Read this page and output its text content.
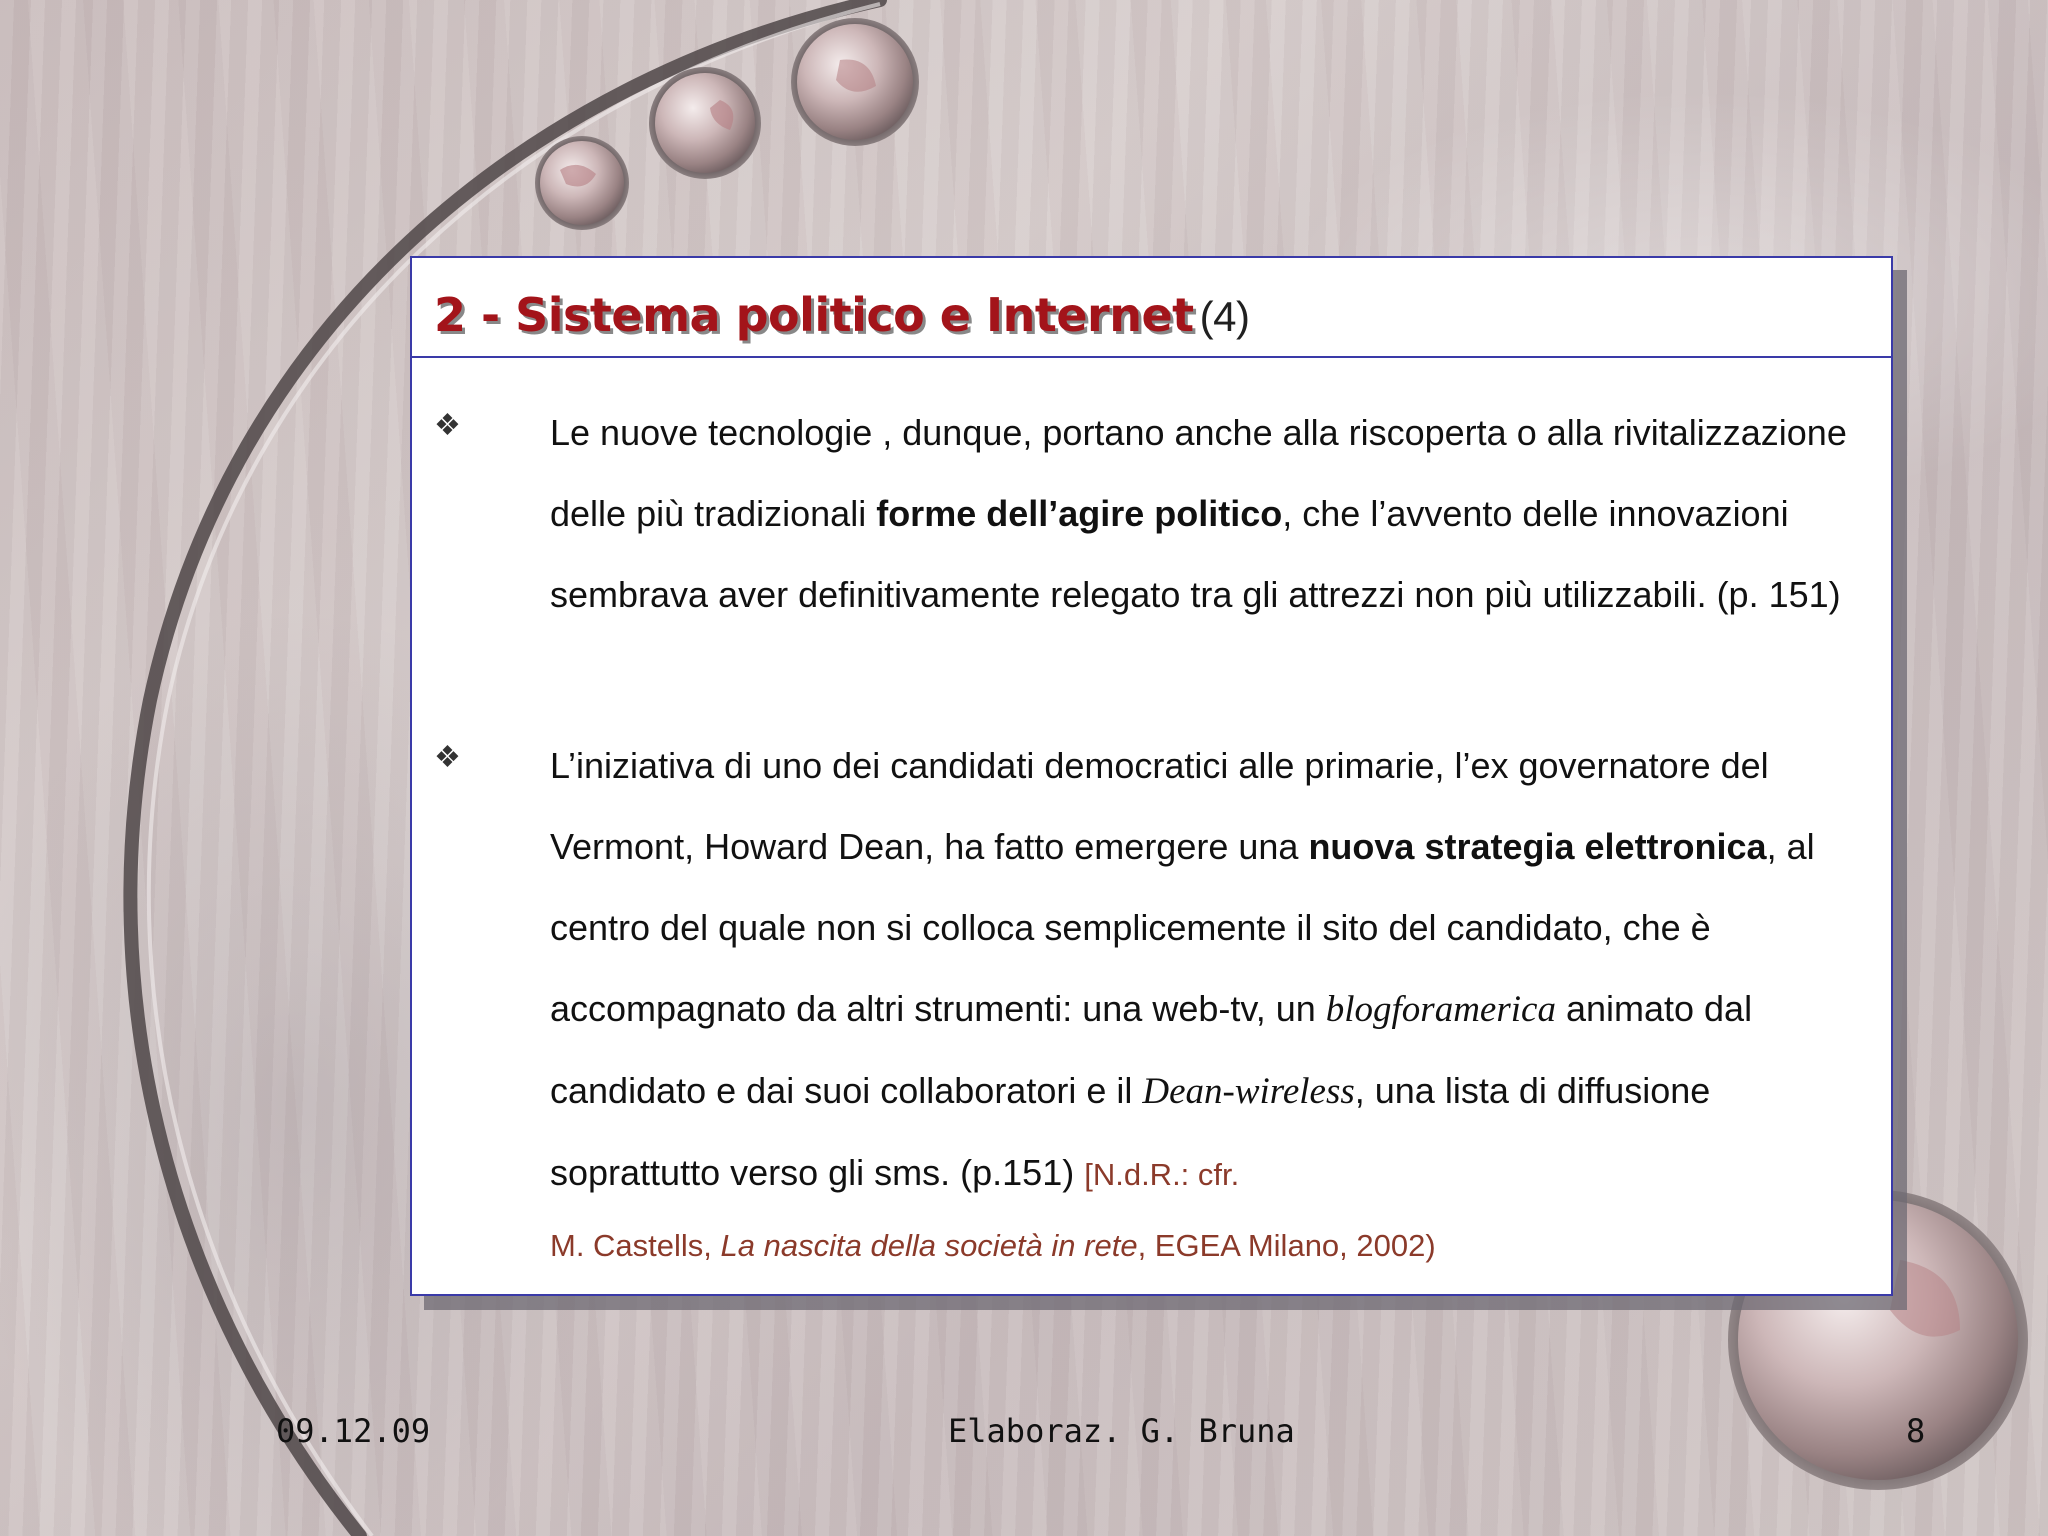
2 - Sistema politico e Internet (4)
❖ Le nuove tecnologie , dunque, portano anche alla riscoperta o alla rivitalizzazione delle più tradizionali forme dell’agire politico, che l’avvento delle innovazioni sembrava aver definitivamente relegato tra gli attrezzi non più utilizzabili. (p. 151)

❖ L’iniziativa di uno dei candidati democratici alle primarie, l’ex governatore del Vermont, Howard Dean, ha fatto emergere una nuova strategia elettronica, al centro del quale non si colloca semplicemente il sito del candidato, che è accompagnato da altri strumenti: una web-tv, un blogforamerica animato dal candidato e dai suoi collaboratori e il Dean-wireless, una lista di diffusione soprattutto verso gli sms. (p.151) [N.d.R.: cfr.
M. Castells, La nascita della società in rete, EGEA Milano, 2002)

09.12.09	Elaboraz. G. Bruna	8
